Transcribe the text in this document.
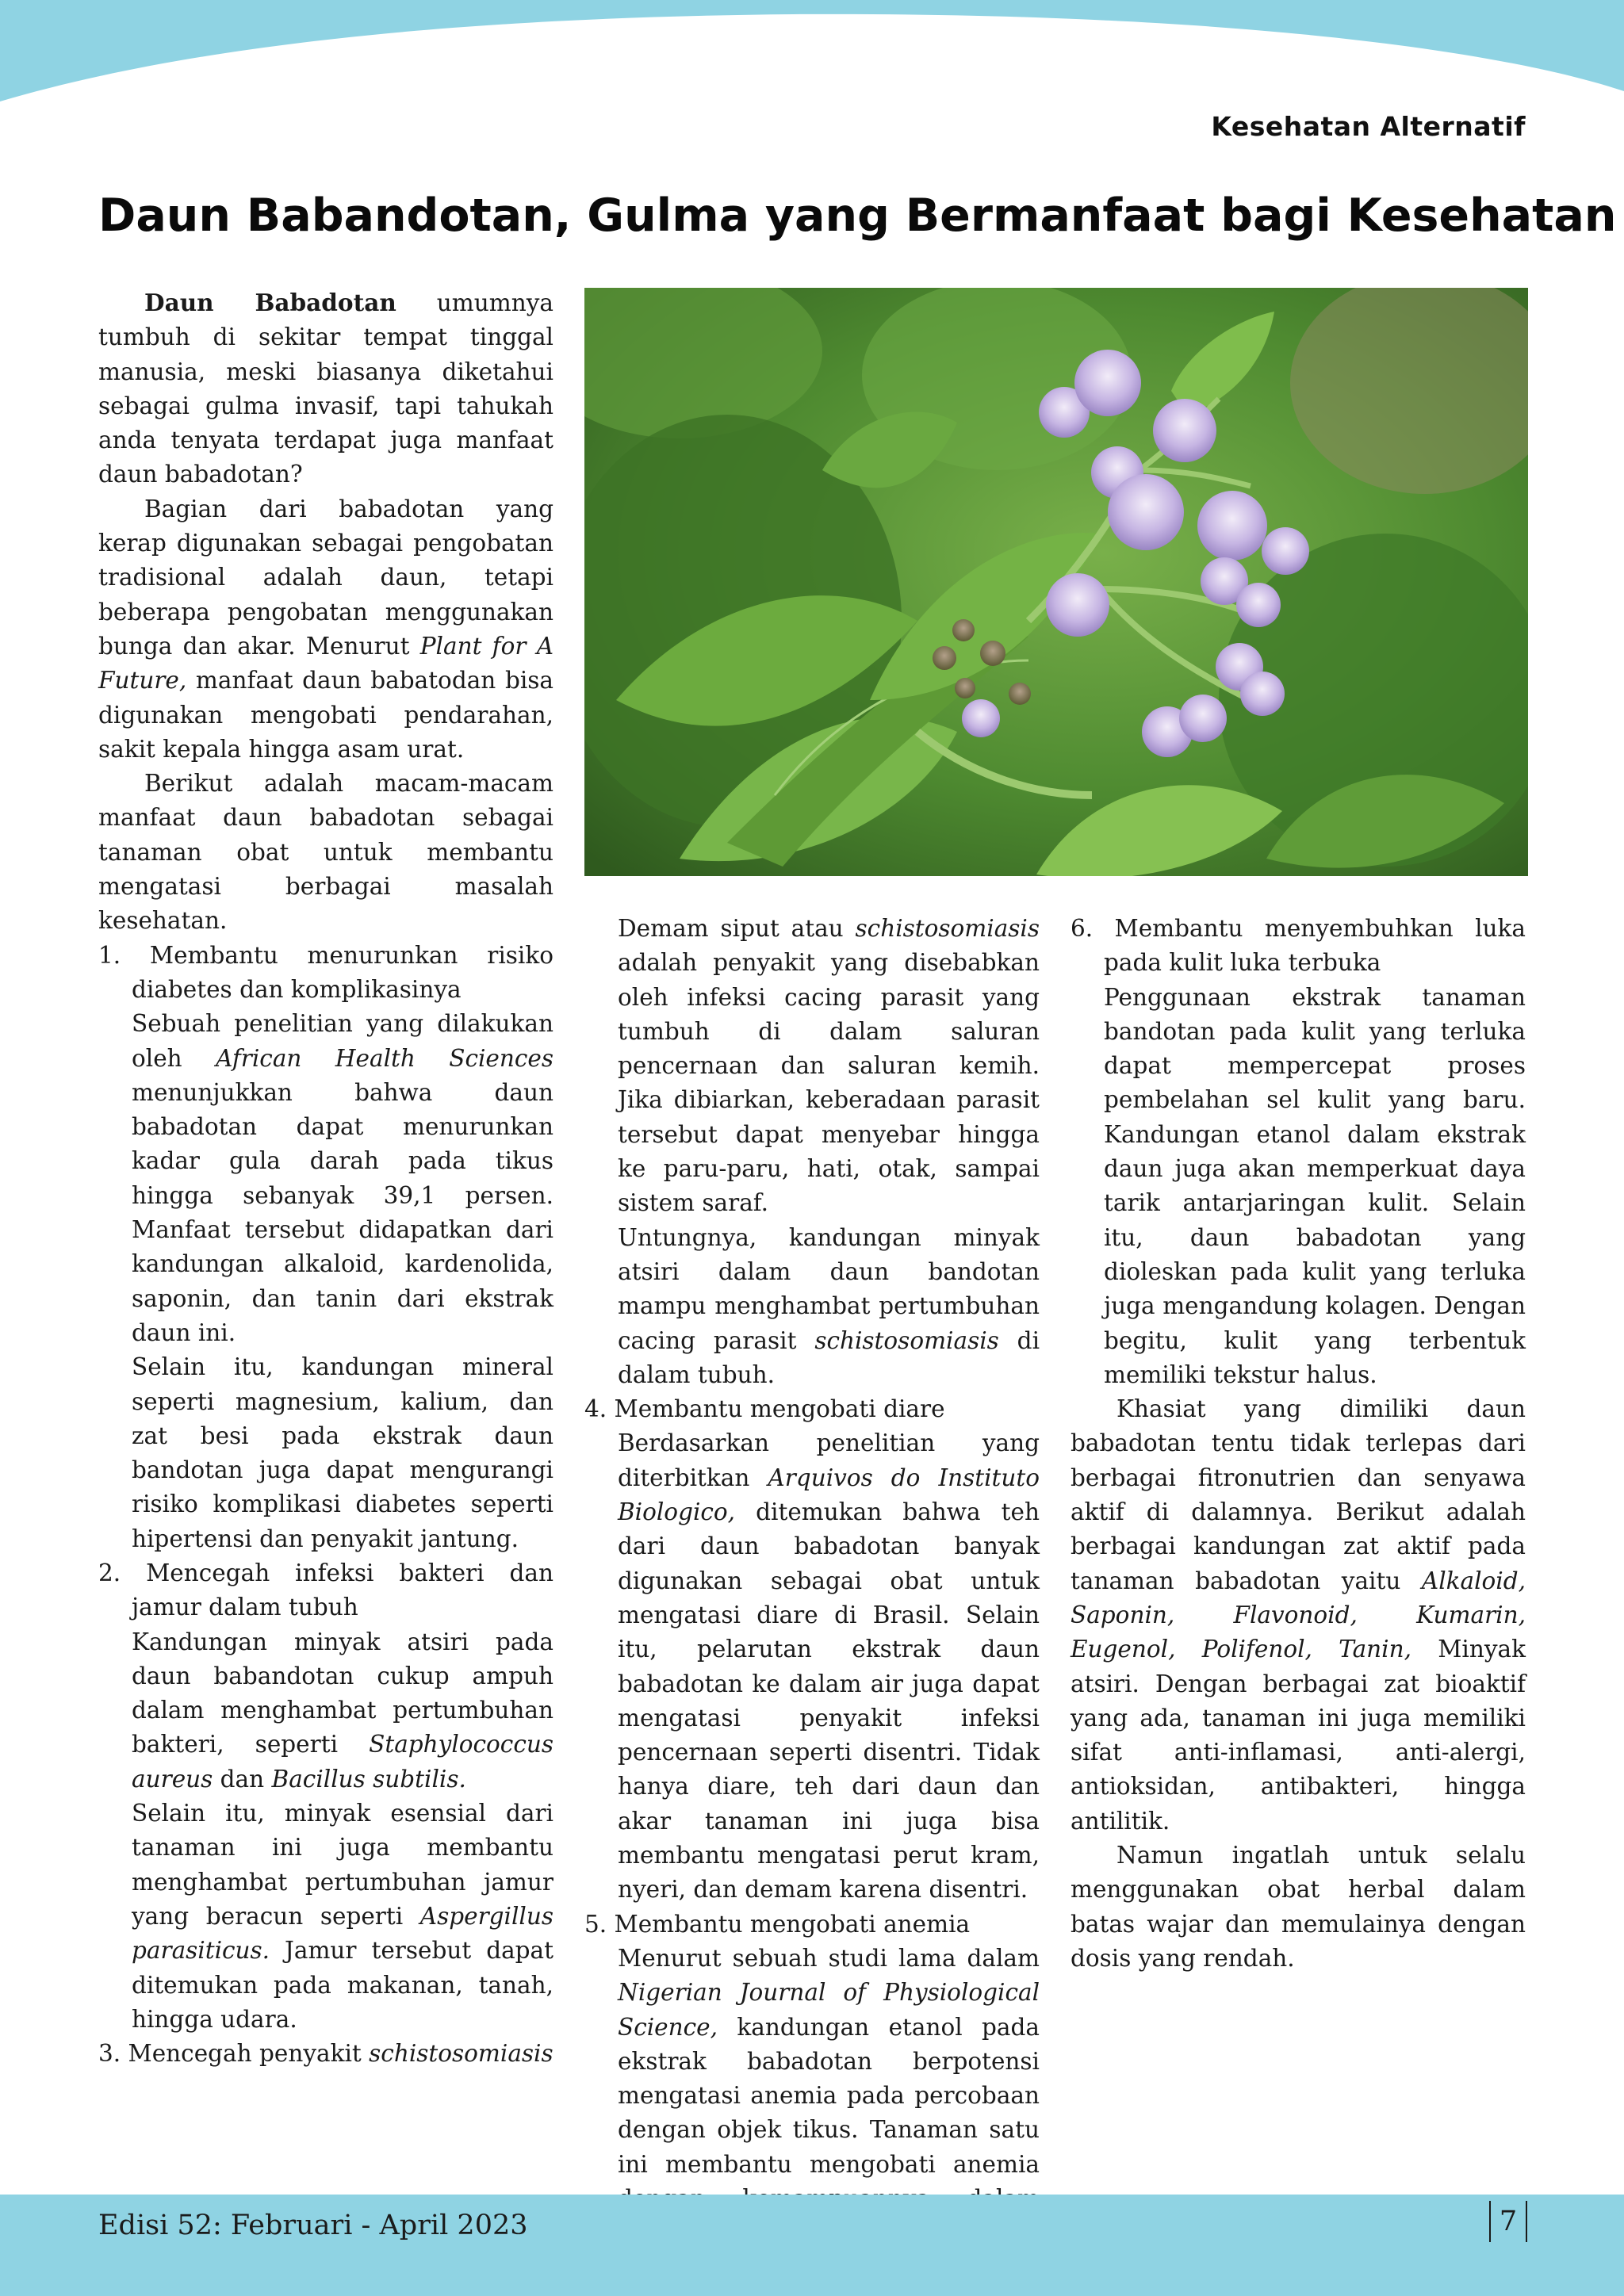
Kesehatan Alternatif
Daun Babandotan, Gulma yang Bermanfaat bagi Kesehatan

Daun Babadotan umumnya tumbuh di sekitar tempat tinggal manusia, meski biasanya diketahui sebagai gulma invasif, tapi tahukah anda tenyata terdapat juga manfaat daun babadotan?

Bagian dari babadotan yang kerap digunakan sebagai pengobatan tradisional adalah daun, tetapi beberapa pengobatan menggunakan bunga dan akar. Menurut Plant for A Future, manfaat daun babatodan bisa digunakan mengobati pendarahan, sakit kepala hingga asam urat.

Berikut adalah macam-macam manfaat daun babadotan sebagai tanaman obat untuk membantu mengatasi berbagai masalah kesehatan.

1. Membantu menurunkan risiko diabetes dan komplikasinya

Sebuah penelitian yang dilakukan oleh African Health Sciences menunjukkan bahwa daun babadotan dapat menurunkan kadar gula darah pada tikus hingga sebanyak 39,1 persen. Manfaat tersebut didapatkan dari kandungan alkaloid, kardenolida, saponin, dan tanin dari ekstrak daun ini.

Selain itu, kandungan mineral seperti magnesium, kalium, dan zat besi pada ekstrak daun bandotan juga dapat mengurangi risiko komplikasi diabetes seperti hipertensi dan penyakit jantung.

2. Mencegah infeksi bakteri dan jamur dalam tubuh

Kandungan minyak atsiri pada daun babandotan cukup ampuh dalam menghambat pertumbuhan bakteri, seperti Staphylococcus aureus dan Bacillus subtilis.

Selain itu, minyak esensial dari tanaman ini juga membantu menghambat pertumbuhan jamur yang beracun seperti Aspergillus parasiticus. Jamur tersebut dapat ditemukan pada makanan, tanah, hingga udara.

3. Mencegah penyakit schistosomiasis

Demam siput atau schistosomiasis adalah penyakit yang disebabkan oleh infeksi cacing parasit yang tumbuh di dalam saluran pencernaan dan saluran kemih. Jika dibiarkan, keberadaan parasit tersebut dapat menyebar hingga ke paru-paru, hati, otak, sampai sistem saraf.

Untungnya, kandungan minyak atsiri dalam daun bandotan mampu menghambat pertumbuhan cacing parasit schistosomiasis di dalam tubuh.

4. Membantu mengobati diare

Berdasarkan penelitian yang diterbitkan Arquivos do Instituto Biologico, ditemukan bahwa teh dari daun babadotan banyak digunakan sebagai obat untuk mengatasi diare di Brasil. Selain itu, pelarutan ekstrak daun babadotan ke dalam air juga dapat mengatasi penyakit infeksi pencernaan seperti disentri. Tidak hanya diare, teh dari daun dan akar tanaman ini juga bisa membantu mengatasi perut kram, nyeri, dan demam karena disentri.

5. Membantu mengobati anemia

Menurut sebuah studi lama dalam Nigerian Journal of Physiological Science, kandungan etanol pada ekstrak babadotan berpotensi mengatasi anemia pada percobaan dengan objek tikus. Tanaman satu ini membantu mengobati anemia

6. Membantu menyembuhkan luka pada kulit luka terbuka

Penggunaan ekstrak tanaman bandotan pada kulit yang terluka dapat mempercepat proses pembelahan sel kulit yang baru. Kandungan etanol dalam ekstrak daun juga akan memperkuat daya tarik antarjaringan kulit. Selain itu, daun babadotan yang dioleskan pada kulit yang terluka juga mengandung kolagen. Dengan begitu, kulit yang terbentuk memiliki tekstur halus.

Khasiat yang dimiliki daun babadotan tentu tidak terlepas dari berbagai fitronutrien dan senyawa aktif di dalamnya. Berikut adalah berbagai kandungan zat aktif pada tanaman babadotan yaitu Alkaloid, Saponin, Flavonoid, Kumarin, Eugenol, Polifenol, Tanin, Minyak atsiri. Dengan berbagai zat bioaktif yang ada, tanaman ini juga memiliki sifat anti-inflamasi, anti-alergi, antioksidan, antibakteri, hingga antilitik.

Namun ingatlah untuk selalu menggunakan obat herbal dalam batas wajar dan memulainya dengan dosis yang rendah.

Edisi 52: Februari - April 2023	7
